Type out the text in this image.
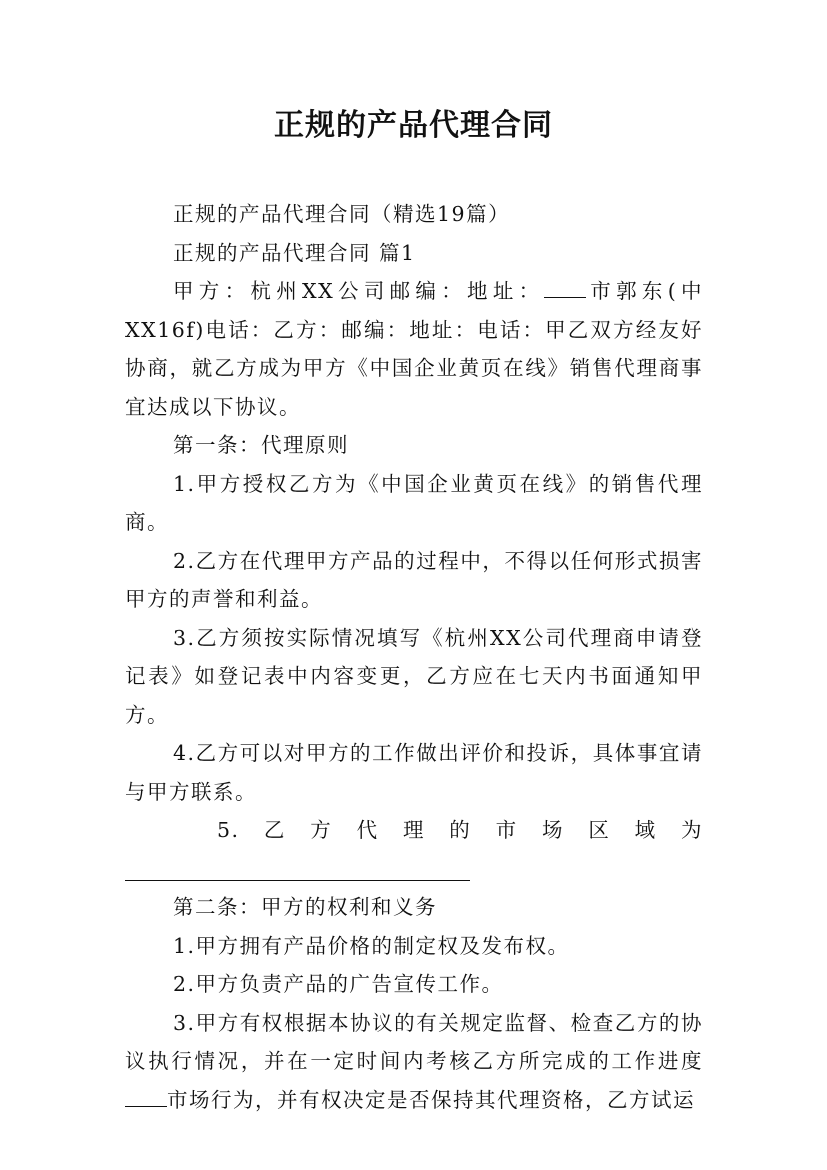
正规的产品代理合同

正规的产品代理合同（精选19篇）

正规的产品代理合同 篇1

甲方：杭州XX公司邮编：地址： 市郭东(中XX16f)电话：乙方：邮编：地址：电话：甲乙双方经友好协商，就乙方成为甲方《中国企业黄页在线》销售代理商事宜达成以下协议。

第一条：代理原则

1.甲方授权乙方为《中国企业黄页在线》的销售代理商。

2.乙方在代理甲方产品的过程中，不得以任何形式损害甲方的声誉和利益。

3.乙方须按实际情况填写《杭州XX公司代理商申请登记表》如登记表中内容变更，乙方应在七天内书面通知甲方。

4.乙方可以对甲方的工作做出评价和投诉，具体事宜请与甲方联系。

5. 乙 方 代 理 的 市 场 区 域 为

第二条：甲方的权利和义务

1.甲方拥有产品价格的制定权及发布权。

2.甲方负责产品的广告宣传工作。

3.甲方有权根据本协议的有关规定监督、检查乙方的协议执行情况，并在一定时间内考核乙方所完成的工作进度市场行为，并有权决定是否保持其代理资格，乙方试运
